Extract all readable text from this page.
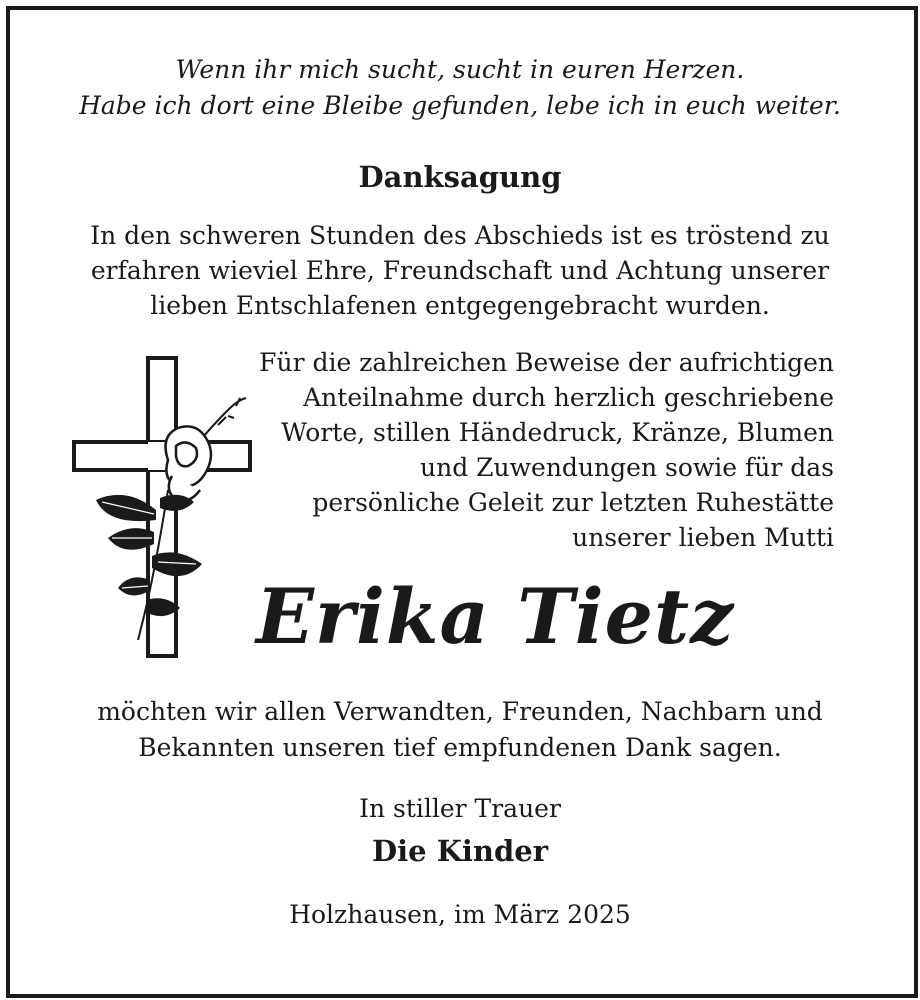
Wenn ihr mich sucht, sucht in euren Herzen.
Habe ich dort eine Bleibe gefunden, lebe ich in euch weiter.
Danksagung
In den schweren Stunden des Abschieds ist es tröstend zu
erfahren wieviel Ehre, Freundschaft und Achtung unserer
lieben Entschlafenen entgegengebracht wurden.
Für die zahlreichen Beweise der aufrichtigen
Anteilnahme durch herzlich geschriebene
Worte, stillen Händedruck, Kränze, Blumen
und Zuwendungen sowie für das
persönliche Geleit zur letzten Ruhestätte
unserer lieben Mutti
Erika Tietz
möchten wir allen Verwandten, Freunden, Nachbarn und
Bekannten unseren tief empfundenen Dank sagen.
In stiller Trauer
Die Kinder
Holzhausen, im März 2025
